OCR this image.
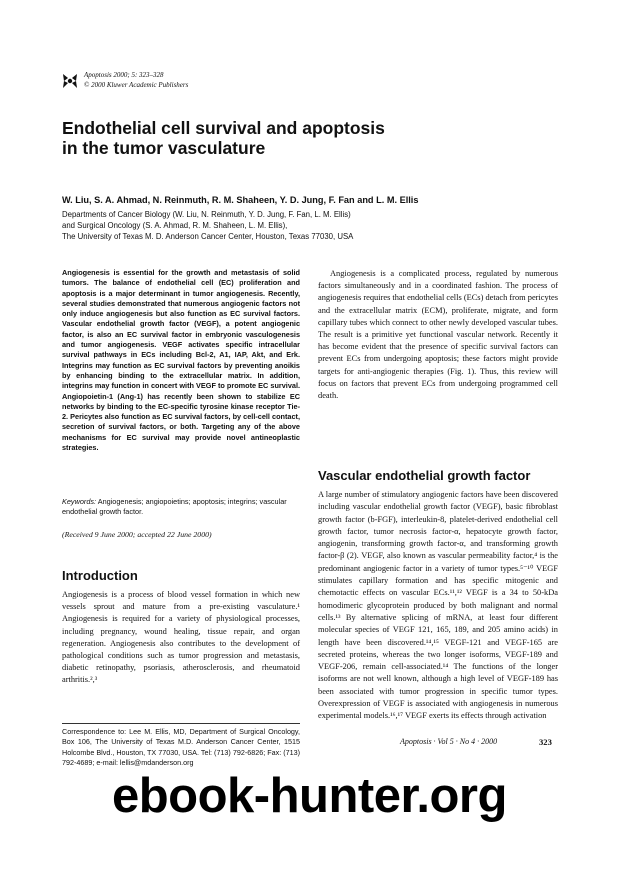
Apoptosis 2000; 5: 323–328
© 2000 Kluwer Academic Publishers
Endothelial cell survival and apoptosis
in the tumor vasculature
W. Liu, S. A. Ahmad, N. Reinmuth, R. M. Shaheen, Y. D. Jung, F. Fan and L. M. Ellis
Departments of Cancer Biology (W. Liu, N. Reinmuth, Y. D. Jung, F. Fan, L. M. Ellis)
and Surgical Oncology (S. A. Ahmad, R. M. Shaheen, L. M. Ellis),
The University of Texas M. D. Anderson Cancer Center, Houston, Texas 77030, USA
Angiogenesis is essential for the growth and metastasis of solid tumors. The balance of endothelial cell (EC) proliferation and apoptosis is a major determinant in tumor angiogenesis. Recently, several studies demonstrated that numerous angiogenic factors not only induce angiogenesis but also function as EC survival factors. Vascular endothelial growth factor (VEGF), a potent angiogenic factor, is also an EC survival factor in embryonic vasculogenesis and tumor angiogenesis. VEGF activates specific intracellular survival pathways in ECs including Bcl-2, A1, IAP, Akt, and Erk. Integrins may function as EC survival factors by preventing anoikis by enhancing binding to the extracellular matrix. In addition, integrins may function in concert with VEGF to promote EC survival. Angiopoietin-1 (Ang-1) has recently been shown to stabilize EC networks by binding to the EC-specific tyrosine kinase receptor Tie-2. Pericytes also function as EC survival factors, by cell-cell contact, secretion of survival factors, or both. Targeting any of the above mechanisms for EC survival may provide novel antineoplastic strategies.
Keywords: Angiogenesis; angiopoietins; apoptosis; integrins; vascular endothelial growth factor.
(Received 9 June 2000; accepted 22 June 2000)
Introduction
Angiogenesis is a process of blood vessel formation in which new vessels sprout and mature from a pre-existing vasculature.¹ Angiogenesis is required for a variety of physiological processes, including pregnancy, wound healing, tissue repair, and organ regeneration. Angiogenesis also contributes to the development of pathological conditions such as tumor progression and metastasis, diabetic retinopathy, psoriasis, atherosclerosis, and rheumatoid arthritis.²,³
Correspondence to: Lee M. Ellis, MD, Department of Surgical Oncology, Box 106, The University of Texas M.D. Anderson Cancer Center, 1515 Holcombe Blvd., Houston, TX 77030, USA. Tel: (713) 792-6826; Fax: (713) 792-4689; e-mail: lellis@mdanderson.org
Angiogenesis is a complicated process, regulated by numerous factors simultaneously and in a coordinated fashion. The process of angiogenesis requires that endothelial cells (ECs) detach from pericytes and the extracellular matrix (ECM), proliferate, migrate, and form capillary tubes which connect to other newly developed vascular tubes. The result is a primitive yet functional vascular network. Recently it has become evident that the presence of specific survival factors can prevent ECs from undergoing apoptosis; these factors might provide targets for anti-angiogenic therapies (Fig. 1). Thus, this review will focus on factors that prevent ECs from undergoing programmed cell death.
Vascular endothelial growth factor
A large number of stimulatory angiogenic factors have been discovered including vascular endothelial growth factor (VEGF), basic fibroblast growth factor (b-FGF), interleukin-8, platelet-derived endothelial cell growth factor, tumor necrosis factor-α, hepatocyte growth factor, angiogenin, transforming growth factor-α, and transforming growth factor-β (2). VEGF, also known as vascular permeability factor,⁴ is the predominant angiogenic factor in a variety of tumor types.⁵⁻¹⁰ VEGF stimulates capillary formation and has specific mitogenic and chemotactic effects on vascular ECs.¹¹,¹² VEGF is a 34 to 50-kDa homodimeric glycoprotein produced by both malignant and normal cells.¹³ By alternative splicing of mRNA, at least four different molecular species of VEGF 121, 165, 189, and 205 amino acids) in length have been discovered.¹⁴,¹⁵ VEGF-121 and VEGF-165 are secreted proteins, whereas the two longer isoforms, VEGF-189 and VEGF-206, remain cell-associated.¹⁴ The functions of the longer isoforms are not well known, although a high level of VEGF-189 has been associated with tumor progression in specific tumor types. Overexpression of VEGF is associated with angiogenesis in numerous experimental models.¹⁶,¹⁷ VEGF exerts its effects through activation
Apoptosis · Vol 5 · No 4 · 2000	323
ebook-hunter.org
